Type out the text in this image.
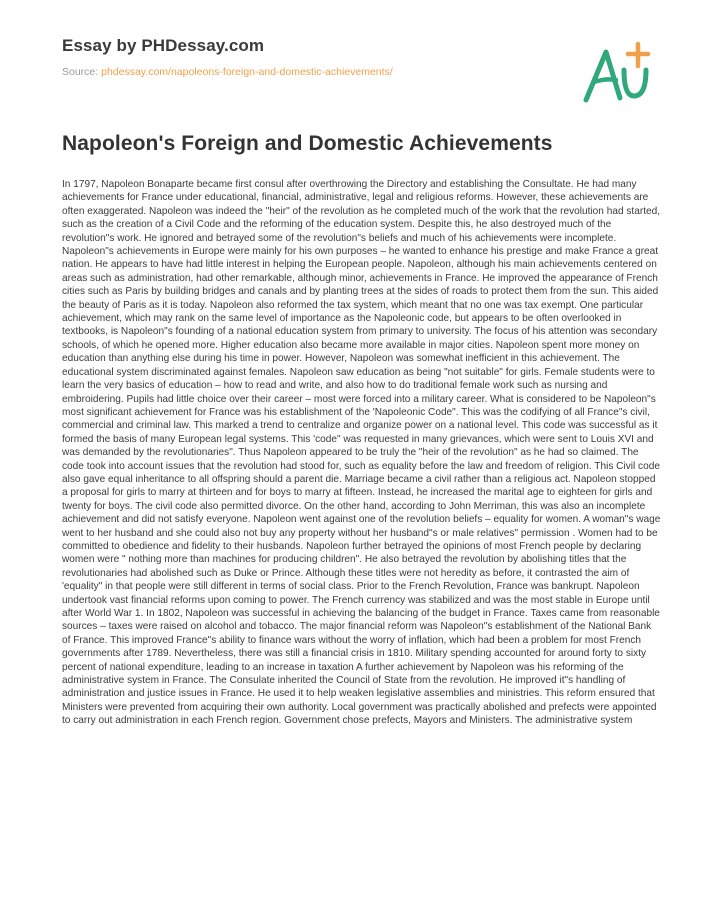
Essay by PHDessay.com
Source: phdessay.com/napoleons-foreign-and-domestic-achievements/
Napoleon's Foreign and Domestic Achievements

In 1797, Napoleon Bonaparte became first consul after overthrowing the Directory and establishing the Consultate. He had many achievements for France under educational, financial, administrative, legal and religious reforms. However, these achievements are often exaggerated. Napoleon was indeed the "heir" of the revolution as he completed much of the work that the revolution had started, such as the creation of a Civil Code and the reforming of the education system. Despite this, he also destroyed much of the revolution"s work. He ignored and betrayed some of the revolution"s beliefs and much of his achievements were incomplete. Napoleon"s achievements in Europe were mainly for his own purposes – he wanted to enhance his prestige and make France a great nation. He appears to have had little interest in helping the European people. Napoleon, although his main achievements centered on areas such as administration, had other remarkable, although minor, achievements in France. He improved the appearance of French cities such as Paris by building bridges and canals and by planting trees at the sides of roads to protect them from the sun. This aided the beauty of Paris as it is today. Napoleon also reformed the tax system, which meant that no one was tax exempt. One particular achievement, which may rank on the same level of importance as the Napoleonic code, but appears to be often overlooked in textbooks, is Napoleon"s founding of a national education system from primary to university. The focus of his attention was secondary schools, of which he opened more. Higher education also became more available in major cities. Napoleon spent more money on education than anything else during his time in power. However, Napoleon was somewhat inefficient in this achievement. The educational system discriminated against females. Napoleon saw education as being "not suitable" for girls. Female students were to learn the very basics of education – how to read and write, and also how to do traditional female work such as nursing and embroidering. Pupils had little choice over their career – most were forced into a military career. What is considered to be Napoleon"s most significant achievement for France was his establishment of the 'Napoleonic Code". This was the codifying of all France"s civil, commercial and criminal law. This marked a trend to centralize and organize power on a national level. This code was successful as it formed the basis of many European legal systems. This 'code" was requested in many grievances, which were sent to Louis XVI and was demanded by the revolutionaries". Thus Napoleon appeared to be truly the "heir of the revolution" as he had so claimed. The code took into account issues that the revolution had stood for, such as equality before the law and freedom of religion. This Civil code also gave equal inheritance to all offspring should a parent die. Marriage became a civil rather than a religious act. Napoleon stopped a proposal for girls to marry at thirteen and for boys to marry at fifteen. Instead, he increased the marital age to eighteen for girls and twenty for boys. The civil code also permitted divorce. On the other hand, according to John Merriman, this was also an incomplete achievement and did not satisfy everyone. Napoleon went against one of the revolution beliefs – equality for women. A woman"s wage went to her husband and she could also not buy any property without her husband"s or male relatives" permission . Women had to be committed to obedience and fidelity to their husbands. Napoleon further betrayed the opinions of most French people by declaring women were " nothing more than machines for producing children". He also betrayed the revolution by abolishing titles that the revolutionaries had abolished such as Duke or Prince. Although these titles were not heredity as before, it contrasted the aim of 'equality" in that people were still different in terms of social class. Prior to the French Revolution, France was bankrupt. Napoleon undertook vast financial reforms upon coming to power. The French currency was stabilized and was the most stable in Europe until after World War 1. In 1802, Napoleon was successful in achieving the balancing of the budget in France. Taxes came from reasonable sources – taxes were raised on alcohol and tobacco. The major financial reform was Napoleon"s establishment of the National Bank of France. This improved France"s ability to finance wars without the worry of inflation, which had been a problem for most French governments after 1789. Nevertheless, there was still a financial crisis in 1810. Military spending accounted for around forty to sixty percent of national expenditure, leading to an increase in taxation A further achievement by Napoleon was his reforming of the administrative system in France. The Consulate inherited the Council of State from the revolution. He improved it"s handling of administration and justice issues in France. He used it to help weaken legislative assemblies and ministries. This reform ensured that Ministers were prevented from acquiring their own authority. Local government was practically abolished and prefects were appointed to carry out administration in each French region. Government chose prefects, Mayors and Ministers. The administrative system
